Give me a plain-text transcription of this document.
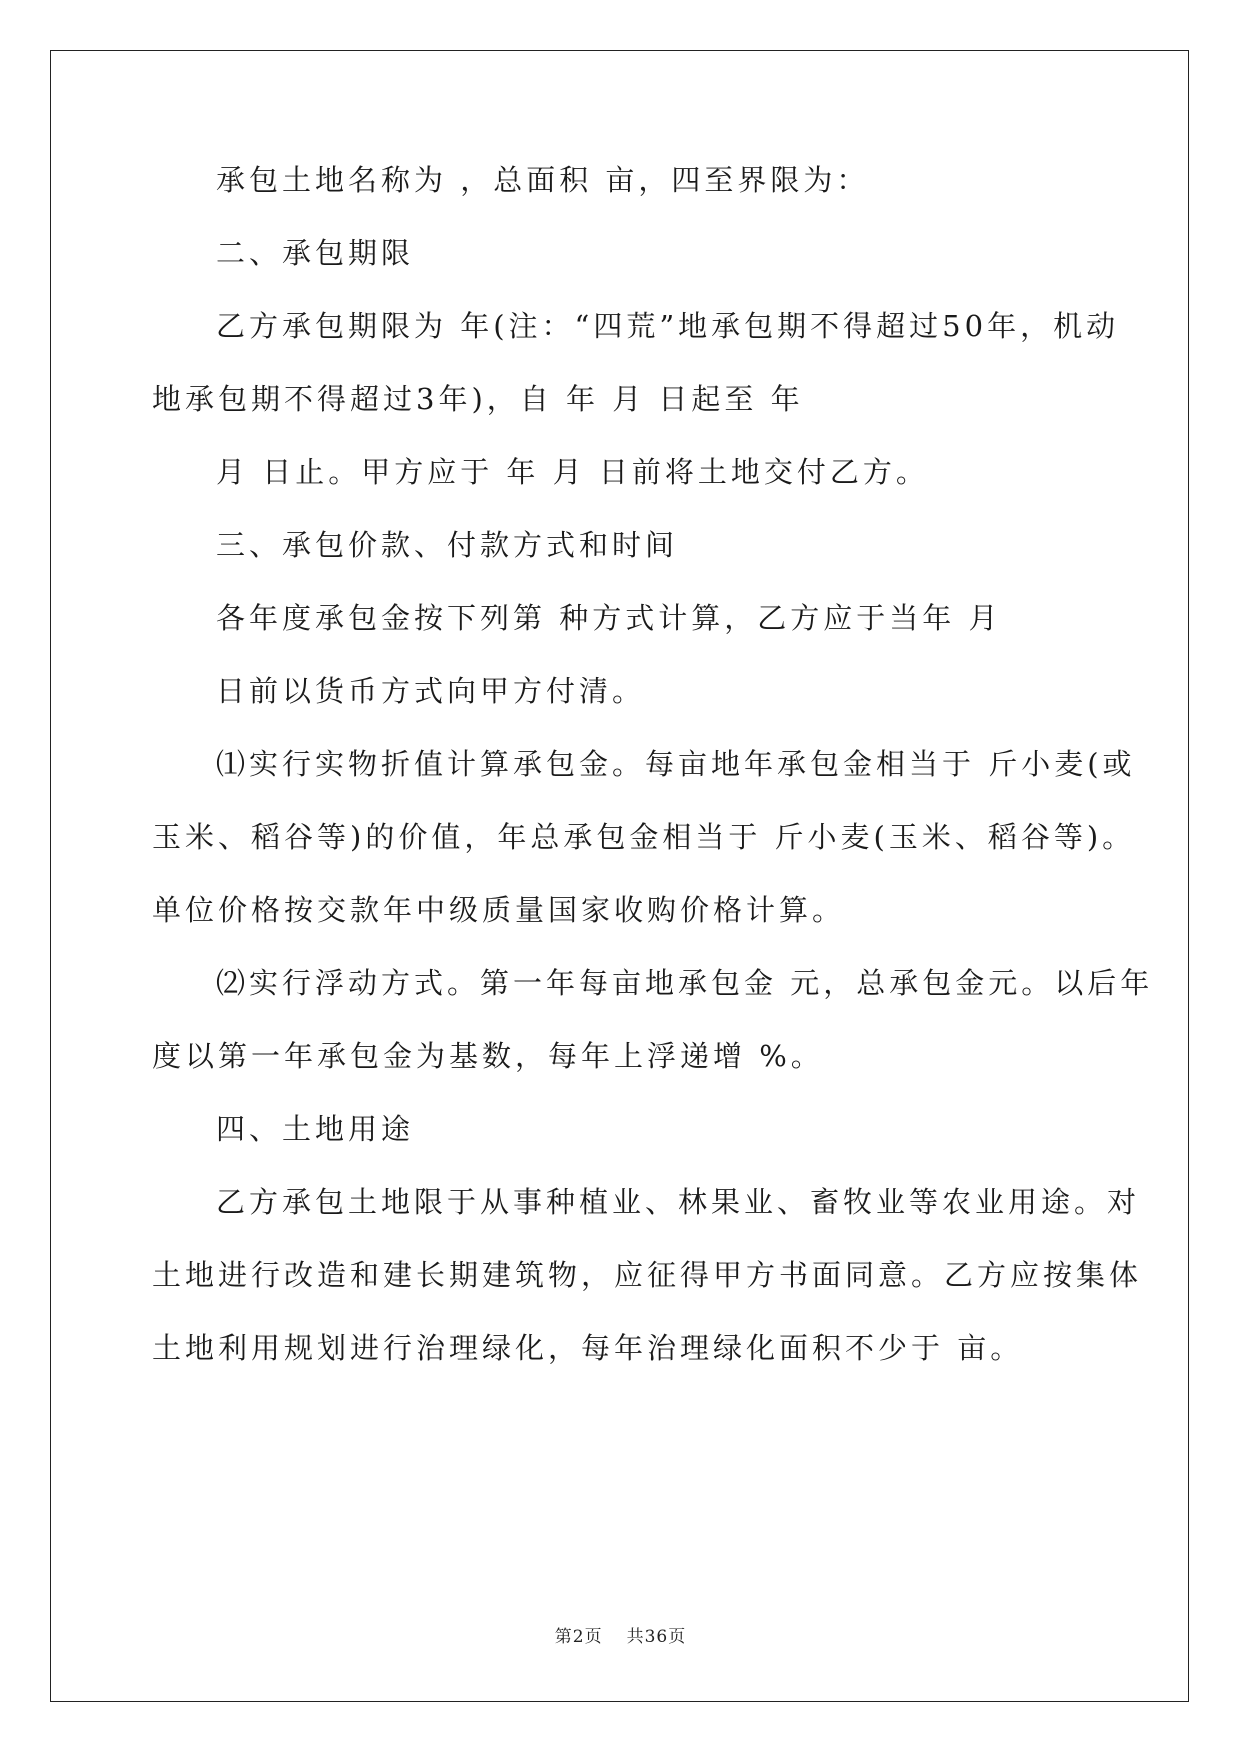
承包土地名称为 ，总面积 亩，四至界限为：
二、承包期限
乙方承包期限为 年(注：“四荒”地承包期不得超过50年，机动
地承包期不得超过3年)，自 年 月 日起至 年
月 日止。甲方应于 年 月 日前将土地交付乙方。
三、承包价款、付款方式和时间
各年度承包金按下列第 种方式计算，乙方应于当年 月
日前以货币方式向甲方付清。
⑴实行实物折值计算承包金。每亩地年承包金相当于 斤小麦(或
玉米、稻谷等)的价值，年总承包金相当于 斤小麦(玉米、稻谷等)。
单位价格按交款年中级质量国家收购价格计算。
⑵实行浮动方式。第一年每亩地承包金 元，总承包金元。以后年
度以第一年承包金为基数，每年上浮递增 %。
四、土地用途
乙方承包土地限于从事种植业、林果业、畜牧业等农业用途。对
土地进行改造和建长期建筑物，应征得甲方书面同意。乙方应按集体
土地利用规划进行治理绿化，每年治理绿化面积不少于 亩。
第2页 共36页
